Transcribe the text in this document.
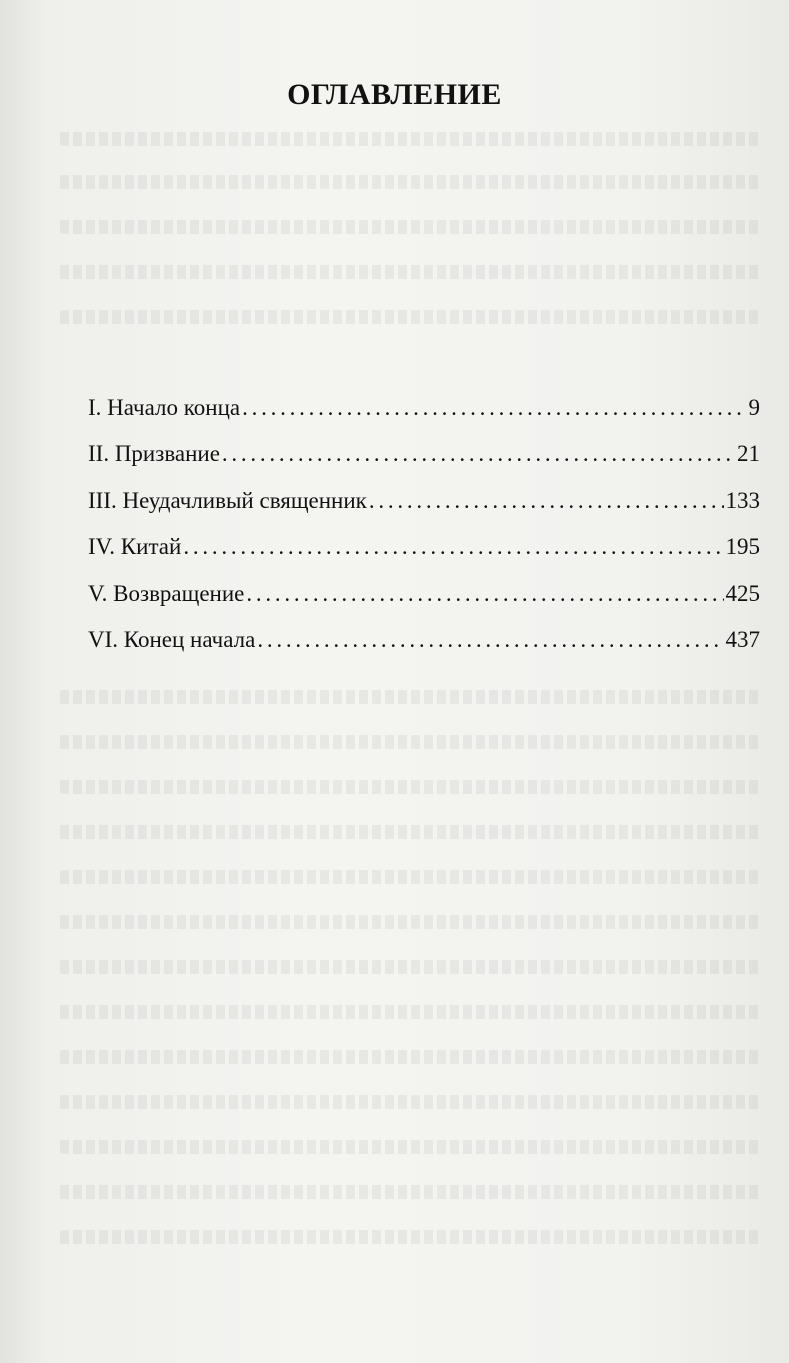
ОГЛАВЛЕНИЕ
I. Начало конца . . .	9
II. Призвание . . .	21
III. Неудачливый священник . . .	133
IV. Китай . . .	195
V. Возвращение . . .	425
VI. Конец начала . . .	437
